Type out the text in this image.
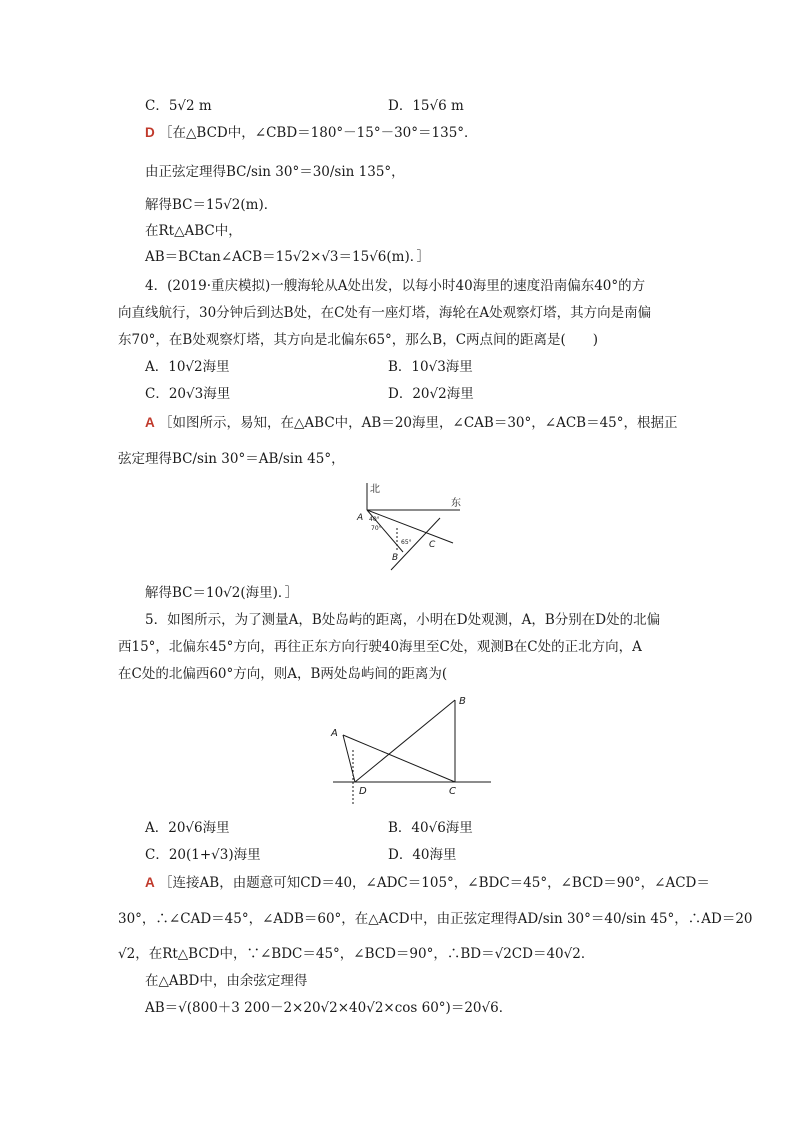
C．5√2 m	D．15√6 m
D ［在△BCD中，∠CBD＝180°－15°－30°＝135°．
由正弦定理得BC/sin 30°＝30/sin 135°，
解得BC＝15√2(m)．
在Rt△ABC中，
AB＝BCtan∠ACB＝15√2×√3＝15√6(m)．］
4．(2019·重庆模拟)一艘海轮从A处出发，以每小时40海里的速度沿南偏东40°的方
向直线航行，30分钟后到达B处，在C处有一座灯塔，海轮在A处观察灯塔，其方向是南偏
东70°，在B处观察灯塔，其方向是北偏东65°，那么B，C两点间的距离是(　　)
A．10√2海里	B．10√3海里
C．20√3海里	D．20√2海里
A ［如图所示，易知，在△ABC中，AB＝20海里，∠CAB＝30°，∠ACB＝45°，根据正
弦定理得BC/sin 30°＝AB/sin 45°，
北
东
A 40°
70°
65°
B
C
解得BC＝10√2(海里)．］
5．如图所示，为了测量A，B处岛屿的距离，小明在D处观测，A，B分别在D处的北偏
西15°，北偏东45°方向，再往正东方向行驶40海里至C处，观测B在C处的正北方向，A
在C处的北偏西60°方向，则A，B两处岛屿间的距离为(
A
B
C
D
A．20√6海里	B．40√6海里
C．20(1+√3)海里	D．40海里
A ［连接AB，由题意可知CD＝40，∠ADC＝105°，∠BDC＝45°，∠BCD＝90°，∠ACD＝
30°，∴∠CAD＝45°，∠ADB＝60°，在△ACD中，由正弦定理得AD/sin 30°＝40/sin 45°，∴AD＝20
√2，在Rt△BCD中，∵∠BDC＝45°，∠BCD＝90°，∴BD＝√2CD＝40√2．
在△ABD中，由余弦定理得
AB＝√(800＋3 200－2×20√2×40√2×cos 60°)＝20√6．
